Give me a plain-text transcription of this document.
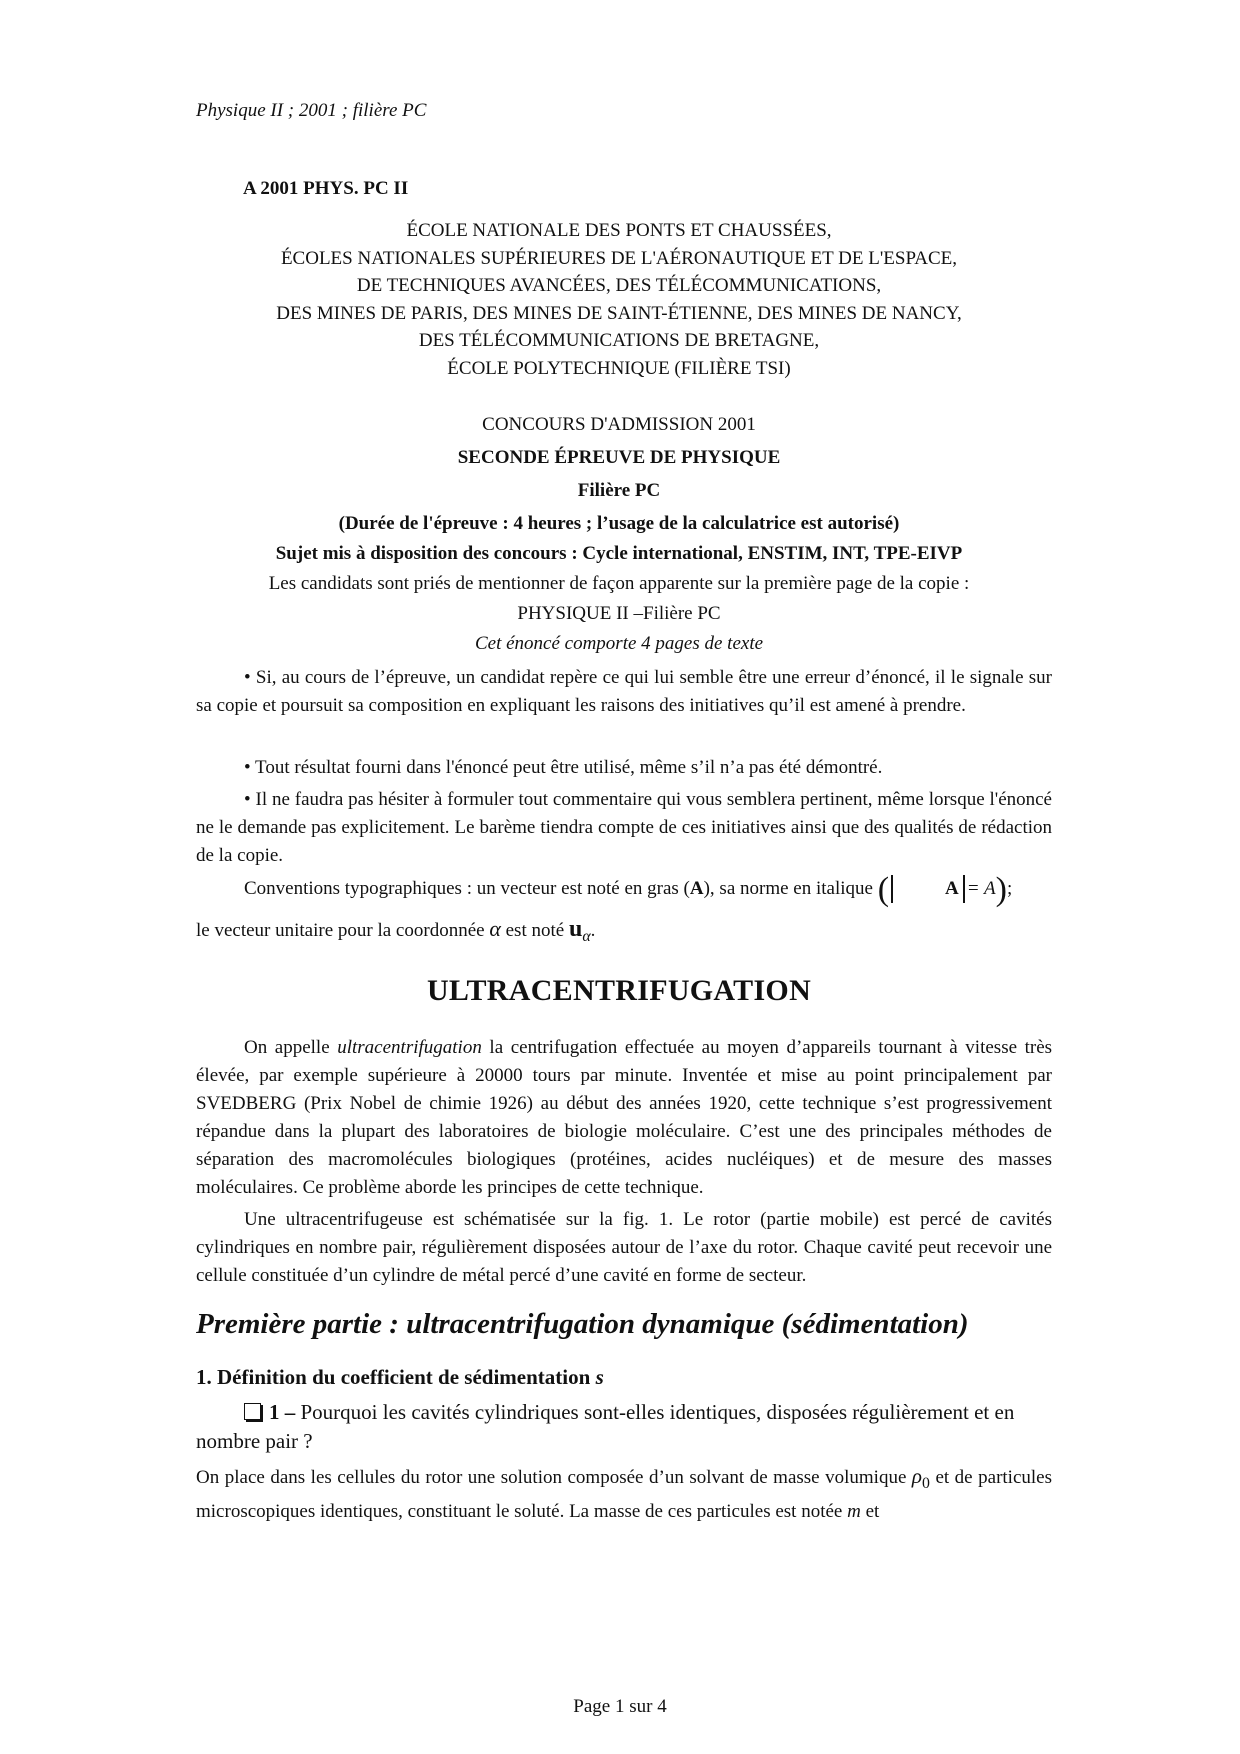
Physique II ; 2001 ; filière PC
A 2001 PHYS. PC II
ÉCOLE NATIONALE DES PONTS ET CHAUSSÉES,
ÉCOLES NATIONALES SUPÉRIEURES DE L'AÉRONAUTIQUE ET DE L'ESPACE,
DE TECHNIQUES AVANCÉES, DES TÉLÉCOMMUNICATIONS,
DES MINES DE PARIS, DES MINES DE SAINT-ÉTIENNE, DES MINES DE NANCY,
DES TÉLÉCOMMUNICATIONS DE BRETAGNE,
ÉCOLE POLYTECHNIQUE (FILIÈRE TSI)
CONCOURS D'ADMISSION 2001
SECONDE ÉPREUVE DE PHYSIQUE
Filière PC
(Durée de l'épreuve : 4 heures ; l’usage de la calculatrice est autorisé)
Sujet mis à disposition des concours : Cycle international, ENSTIM, INT, TPE-EIVP
Les candidats sont priés de mentionner de façon apparente sur la première page de la copie :
PHYSIQUE II –Filière PC
Cet énoncé comporte 4 pages de texte
• Si, au cours de l’épreuve, un candidat repère ce qui lui semble être une erreur d’énoncé, il le signale sur sa copie et poursuit sa composition en expliquant les raisons des initiatives qu’il est amené à prendre.
• Tout résultat fourni dans l'énoncé peut être utilisé, même s’il n’a pas été démontré.
• Il ne faudra pas hésiter à formuler tout commentaire qui vous semblera pertinent, même lorsque l'énoncé ne le demande pas explicitement. Le barème tiendra compte de ces initiatives ainsi que des qualités de rédaction de la copie.
Conventions typographiques : un vecteur est noté en gras (A), sa norme en italique (	A = A);
le vecteur unitaire pour la coordonnée α est noté $u_\alpha$.
ULTRACENTRIFUGATION
On appelle ultracentrifugation la centrifugation effectuée au moyen d’appareils tournant à vitesse très élevée, par exemple supérieure à 20000 tours par minute. Inventée et mise au point principalement par SVEDBERG (Prix Nobel de chimie 1926) au début des années 1920, cette technique s’est progressivement répandue dans la plupart des laboratoires de biologie moléculaire. C’est une des principales méthodes de séparation des macromolécules biologiques (protéines, acides nucléiques) et de mesure des masses moléculaires. Ce problème aborde les principes de cette technique.
Une ultracentrifugeuse est schématisée sur la fig. 1. Le rotor (partie mobile) est percé de cavités cylindriques en nombre pair, régulièrement disposées autour de l’axe du rotor. Chaque cavité peut recevoir une cellule constituée d’un cylindre de métal percé d’une cavité en forme de secteur.
Première partie : ultracentrifugation dynamique (sédimentation)
1. Définition du coefficient de sédimentation s
1 – Pourquoi les cavités cylindriques sont-elles identiques, disposées régulièrement et en nombre pair ?
On place dans les cellules du rotor une solution composée d’un solvant de masse volumique $\rho_0$ et de particules microscopiques identiques, constituant le soluté. La masse de ces particules est notée m et
Page 1 sur 4
